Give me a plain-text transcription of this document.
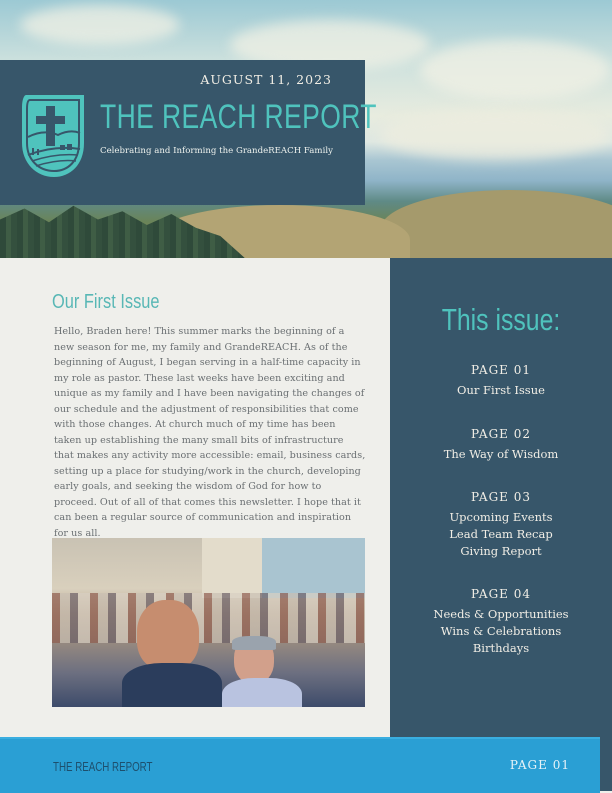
AUGUST 11, 2023
THE REACH REPORT
Celebrating and Informing the GrandeREACH Family
Our First Issue
Hello, Braden here! This summer marks the beginning of a new season for me, my family and GrandeREACH. As of the beginning of August, I began serving in a half-time capacity in my role as pastor. These last weeks have been exciting and unique as my family and I have been navigating the changes of our schedule and the adjustment of responsibilities that come with those changes. At church much of my time has been taken up establishing the many small bits of infrastructure that makes any activity more accessible: email, business cards, setting up a place for studying/work in the church, developing early goals, and seeking the wisdom of God for how to proceed. Out of all of that comes this newsletter. I hope that it can been a regular source of communication and inspiration for us all.
This issue:
PAGE 01
Our First Issue
PAGE 02
The Way of Wisdom
PAGE 03
Upcoming Events
Lead Team Recap
Giving Report
PAGE 04
Needs & Opportunities
Wins & Celebrations
Birthdays
THE REACH REPORT	PAGE 01
